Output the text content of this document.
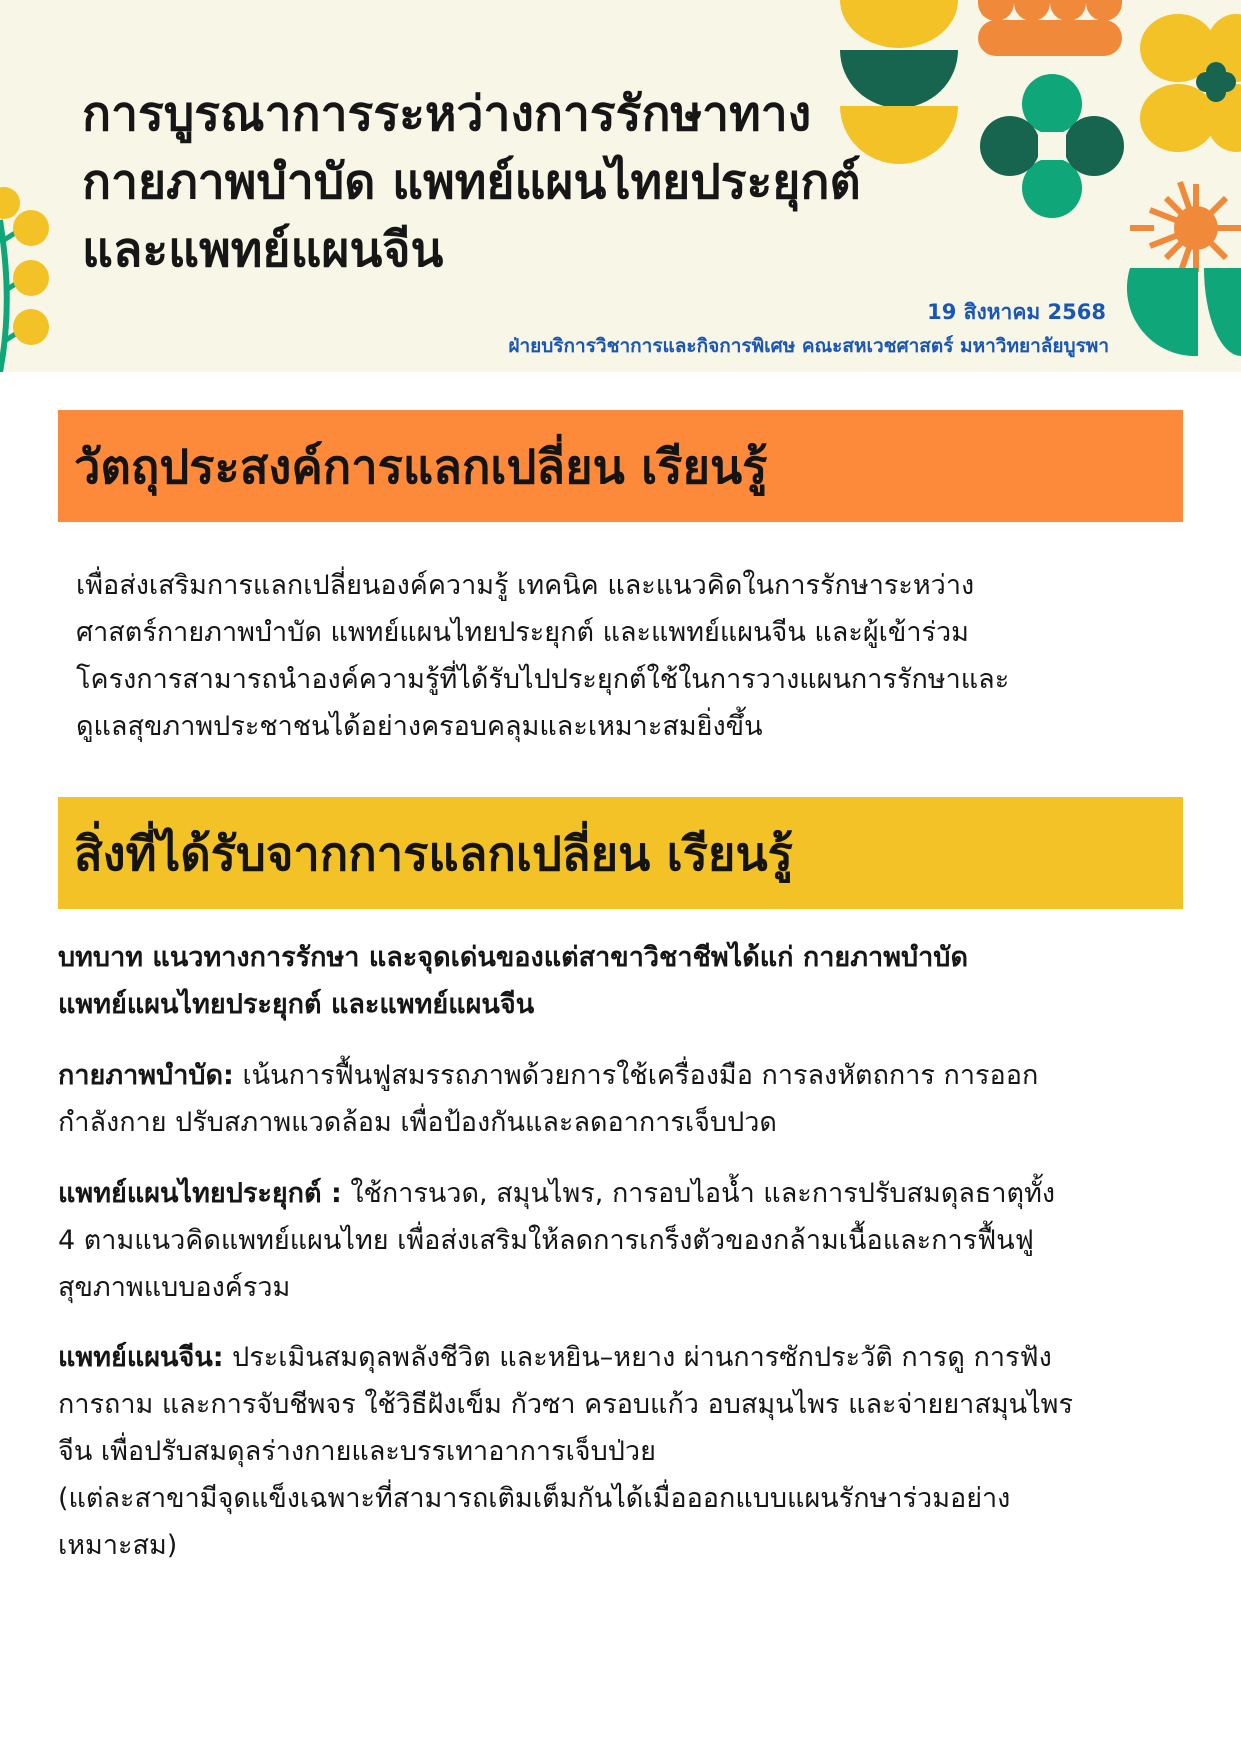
การบูรณาการระหว่างการรักษาทาง
กายภาพบำบัด แพทย์แผนไทยประยุกต์
และแพทย์แผนจีน
19 สิงหาคม 2568
ฝ่ายบริการวิชาการและกิจการพิเศษ คณะสหเวชศาสตร์ มหาวิทยาลัยบูรพา
วัตถุประสงค์การแลกเปลี่ยน เรียนรู้

เพื่อส่งเสริมการแลกเปลี่ยนองค์ความรู้ เทคนิค และแนวคิดในการรักษาระหว่าง
ศาสตร์กายภาพบำบัด แพทย์แผนไทยประยุกต์ และแพทย์แผนจีน และผู้เข้าร่วม
โครงการสามารถนำองค์ความรู้ที่ได้รับไปประยุกต์ใช้ในการวางแผนการรักษาและ
ดูแลสุขภาพประชาชนได้อย่างครอบคลุมและเหมาะสมยิ่งขึ้น

สิ่งที่ได้รับจากการแลกเปลี่ยน เรียนรู้

บทบาท แนวทางการรักษา และจุดเด่นของแต่สาขาวิชาชีพได้แก่ กายภาพบำบัด
แพทย์แผนไทยประยุกต์ และแพทย์แผนจีน

กายภาพบำบัด: เน้นการฟื้นฟูสมรรถภาพด้วยการใช้เครื่องมือ การลงหัตถการ การออก
กำลังกาย ปรับสภาพแวดล้อม เพื่อป้องกันและลดอาการเจ็บปวด

แพทย์แผนไทยประยุกต์ : ใช้การนวด, สมุนไพร, การอบไอน้ำ และการปรับสมดุลธาตุทั้ง
4 ตามแนวคิดแพทย์แผนไทย เพื่อส่งเสริมให้ลดการเกร็งตัวของกล้ามเนื้อและการฟื้นฟู
สุขภาพแบบองค์รวม

แพทย์แผนจีน: ประเมินสมดุลพลังชีวิต และหยิน–หยาง ผ่านการซักประวัติ การดู การฟัง
การถาม และการจับชีพจร ใช้วิธีฝังเข็ม กัวซา ครอบแก้ว อบสมุนไพร และจ่ายยาสมุนไพร
จีน เพื่อปรับสมดุลร่างกายและบรรเทาอาการเจ็บป่วย
(แต่ละสาขามีจุดแข็งเฉพาะที่สามารถเติมเต็มกันได้เมื่อออกแบบแผนรักษาร่วมอย่าง
เหมาะสม)
